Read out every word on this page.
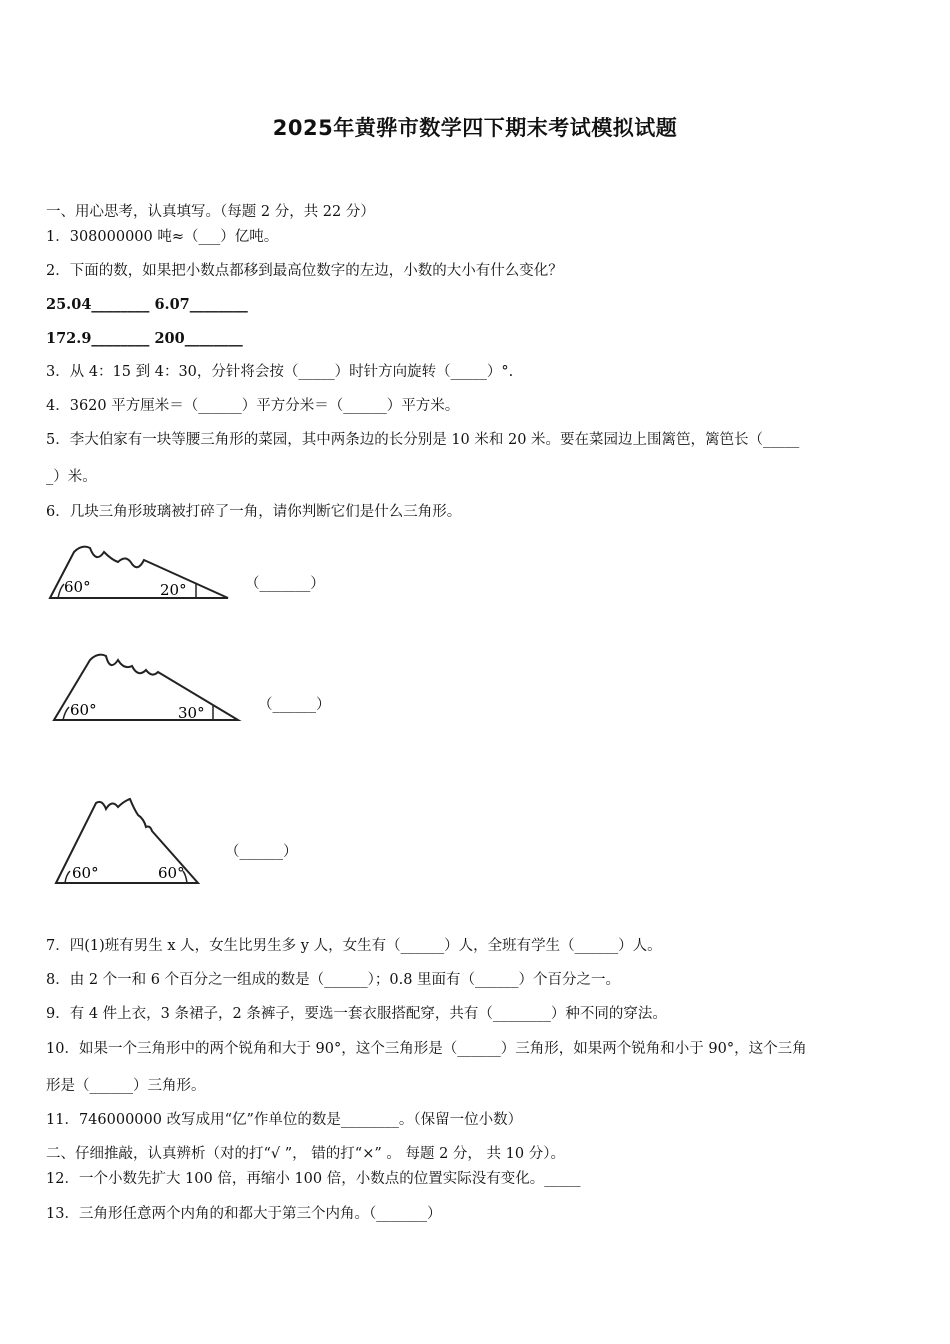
2025年黄骅市数学四下期末考试模拟试题
一、用心思考，认真填写。（每题 2 分，共 22 分）
1．308000000 吨≈（___）亿吨。
2．下面的数，如果把小数点都移到最高位数字的左边，小数的大小有什么变化？
25.04________ 6.07________
172.9________ 200________
3．从 4：15 到 4：30，分针将会按（_____）时针方向旋转（_____）°.
4．3620 平方厘米＝（______）平方分米＝（______）平方米。
5．李大伯家有一块等腰三角形的菜园，其中两条边的长分别是 10 米和 20 米。要在菜园边上围篱笆，篱笆长（_____
_）米。
6．几块三角形玻璃被打碎了一角，请你判断它们是什么三角形。
60°	20°	（_______）
60°	30°	（______）
60°	60°
（______）
7．四(1)班有男生 x 人，女生比男生多 y 人，女生有（______）人，全班有学生（______）人。
8．由 2 个一和 6 个百分之一组成的数是（______）；0.8 里面有（______）个百分之一。
9．有 4 件上衣，3 条裙子，2 条裤子，要选一套衣服搭配穿，共有（________）种不同的穿法。
10．如果一个三角形中的两个锐角和大于 90°，这个三角形是（______）三角形，如果两个锐角和小于 90°，这个三角
形是（______）三角形。
11．746000000 改写成用“亿”作单位的数是________。（保留一位小数）
二、仔细推敲，认真辨析（对的打“√ ”， 错的打“×” 。 每题 2 分， 共 10 分）。
12．一个小数先扩大 100 倍，再缩小 100 倍，小数点的位置实际没有变化。_____
13．三角形任意两个内角的和都大于第三个内角。（_______）
